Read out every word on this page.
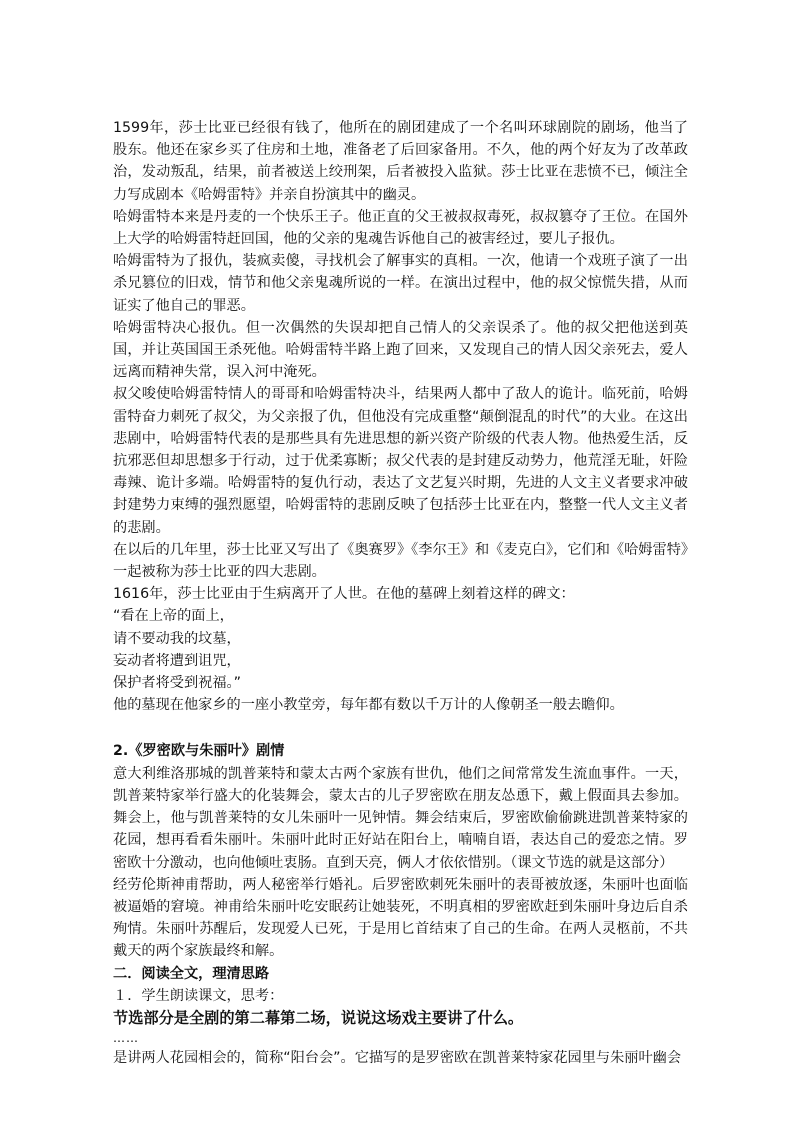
1599年，莎士比亚已经很有钱了，他所在的剧团建成了一个名叫环球剧院的剧场，他当了股东。他还在家乡买了住房和土地，准备老了后回家备用。不久，他的两个好友为了改革政治，发动叛乱，结果，前者被送上绞刑架，后者被投入监狱。莎士比亚在悲愤不已，倾注全力写成剧本《哈姆雷特》并亲自扮演其中的幽灵。

哈姆雷特本来是丹麦的一个快乐王子。他正直的父王被叔叔毒死，叔叔篡夺了王位。在国外上大学的哈姆雷特赶回国，他的父亲的鬼魂告诉他自己的被害经过，要儿子报仇。

哈姆雷特为了报仇，装疯卖傻，寻找机会了解事实的真相。一次，他请一个戏班子演了一出杀兄篡位的旧戏，情节和他父亲鬼魂所说的一样。在演出过程中，他的叔父惊慌失措，从而证实了他自己的罪恶。

哈姆雷特决心报仇。但一次偶然的失误却把自己情人的父亲误杀了。他的叔父把他送到英国，并让英国国王杀死他。哈姆雷特半路上跑了回来，又发现自己的情人因父亲死去，爱人远离而精神失常，误入河中淹死。

叔父唆使哈姆雷特情人的哥哥和哈姆雷特决斗，结果两人都中了敌人的诡计。临死前，哈姆雷特奋力刺死了叔父，为父亲报了仇，但他没有完成重整“颠倒混乱的时代”的大业。在这出悲剧中，哈姆雷特代表的是那些具有先进思想的新兴资产阶级的代表人物。他热爱生活，反抗邪恶但却思想多于行动，过于优柔寡断；叔父代表的是封建反动势力，他荒淫无耻，奸险毒辣、诡计多端。哈姆雷特的复仇行动，表达了文艺复兴时期，先进的人文主义者要求冲破封建势力束缚的强烈愿望，哈姆雷特的悲剧反映了包括莎士比亚在内，整整一代人文主义者的悲剧。

在以后的几年里，莎士比亚又写出了《奥赛罗》《李尔王》和《麦克白》，它们和《哈姆雷特》一起被称为莎士比亚的四大悲剧。

1616年，莎士比亚由于生病离开了人世。在他的墓碑上刻着这样的碑文：

“看在上帝的面上，

请不要动我的坟墓，

妄动者将遭到诅咒，

保护者将受到祝福。”

他的墓现在他家乡的一座小教堂旁，每年都有数以千万计的人像朝圣一般去瞻仰。

2.《罗密欧与朱丽叶》剧情

意大利维洛那城的凯普莱特和蒙太古两个家族有世仇，他们之间常常发生流血事件。一天，凯普莱特家举行盛大的化装舞会，蒙太古的儿子罗密欧在朋友怂恿下，戴上假面具去参加。舞会上，他与凯普莱特的女儿朱丽叶一见钟情。舞会结束后，罗密欧偷偷跳进凯普莱特家的花园，想再看看朱丽叶。朱丽叶此时正好站在阳台上，喃喃自语，表达自己的爱恋之情。罗密欧十分激动，也向他倾吐衷肠。直到天亮，俩人才依依惜别。（课文节选的就是这部分）

经劳伦斯神甫帮助，两人秘密举行婚礼。后罗密欧刺死朱丽叶的表哥被放逐，朱丽叶也面临被逼婚的窘境。神甫给朱丽叶吃安眠药让她装死，不明真相的罗密欧赶到朱丽叶身边后自杀殉情。朱丽叶苏醒后，发现爱人已死，于是用匕首结束了自己的生命。在两人灵柩前，不共戴天的两个家族最终和解。

二．阅读全文，理清思路

１．学生朗读课文，思考：

节选部分是全剧的第二幕第二场，说说这场戏主要讲了什么。

……

是讲两人花园相会的，简称“阳台会”。它描写的是罗密欧在凯普莱特家花园里与朱丽叶幽会
